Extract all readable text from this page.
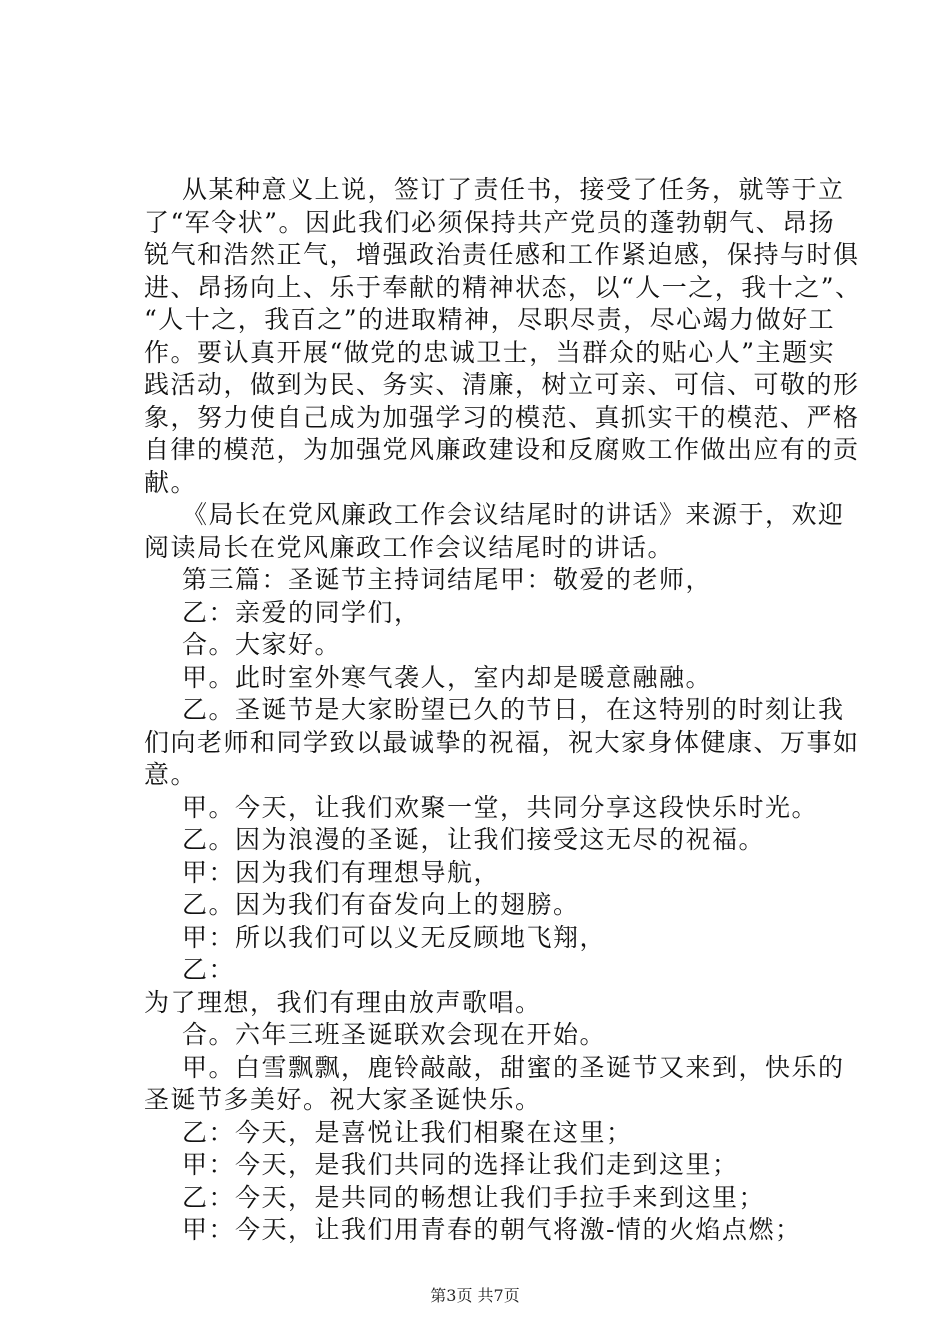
从某种意义上说，签订了责任书，接受了任务，就等于立
了“军令状”。因此我们必须保持共产党员的蓬勃朝气、昂扬
锐气和浩然正气，增强政治责任感和工作紧迫感，保持与时俱
进、昂扬向上、乐于奉献的精神状态，以“人一之，我十之”、
“人十之，我百之”的进取精神，尽职尽责，尽心竭力做好工
作。要认真开展“做党的忠诚卫士，当群众的贴心人”主题实
践活动，做到为民、务实、清廉，树立可亲、可信、可敬的形
象，努力使自己成为加强学习的模范、真抓实干的模范、严格
自律的模范，为加强党风廉政建设和反腐败工作做出应有的贡
献。
《局长在党风廉政工作会议结尾时的讲话》来源于，欢迎
阅读局长在党风廉政工作会议结尾时的讲话。
第三篇：圣诞节主持词结尾甲：敬爱的老师，
乙：亲爱的同学们，
合。大家好。
甲。此时室外寒气袭人，室内却是暖意融融。
乙。圣诞节是大家盼望已久的节日，在这特别的时刻让我
们向老师和同学致以最诚挚的祝福，祝大家身体健康、万事如
意。
甲。今天，让我们欢聚一堂，共同分享这段快乐时光。
乙。因为浪漫的圣诞，让我们接受这无尽的祝福。
甲：因为我们有理想导航，
乙。因为我们有奋发向上的翅膀。
甲：所以我们可以义无反顾地飞翔，
乙：
为了理想，我们有理由放声歌唱。
合。六年三班圣诞联欢会现在开始。
甲。白雪飘飘，鹿铃敲敲，甜蜜的圣诞节又来到，快乐的
圣诞节多美好。祝大家圣诞快乐。
乙：今天，是喜悦让我们相聚在这里；
甲：今天，是我们共同的选择让我们走到这里；
乙：今天，是共同的畅想让我们手拉手来到这里；
甲：今天，让我们用青春的朝气将激-情的火焰点燃；
第3页 共7页
